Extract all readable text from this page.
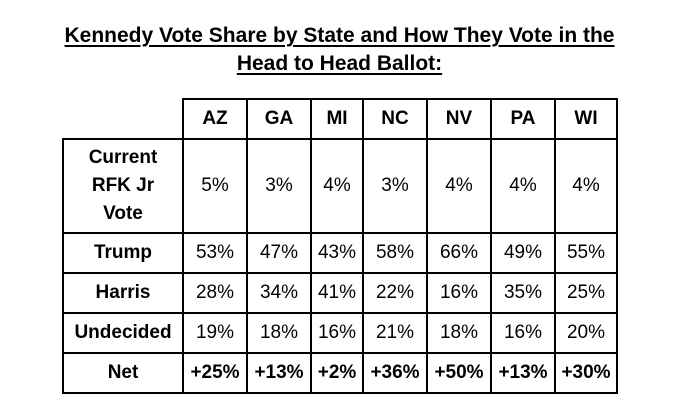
Kennedy Vote Share by State and How They Vote in the
Head to Head Ballot:
	AZ	GA	MI	NC	NV	PA	WI
Current
RFK Jr
Vote	5%	3%	4%	3%	4%	4%	4%
Trump	53%	47%	43%	58%	66%	49%	55%
Harris	28%	34%	41%	22%	16%	35%	25%
Undecided	19%	18%	16%	21%	18%	16%	20%
Net	+25%	+13%	+2%	+36%	+50%	+13%	+30%
